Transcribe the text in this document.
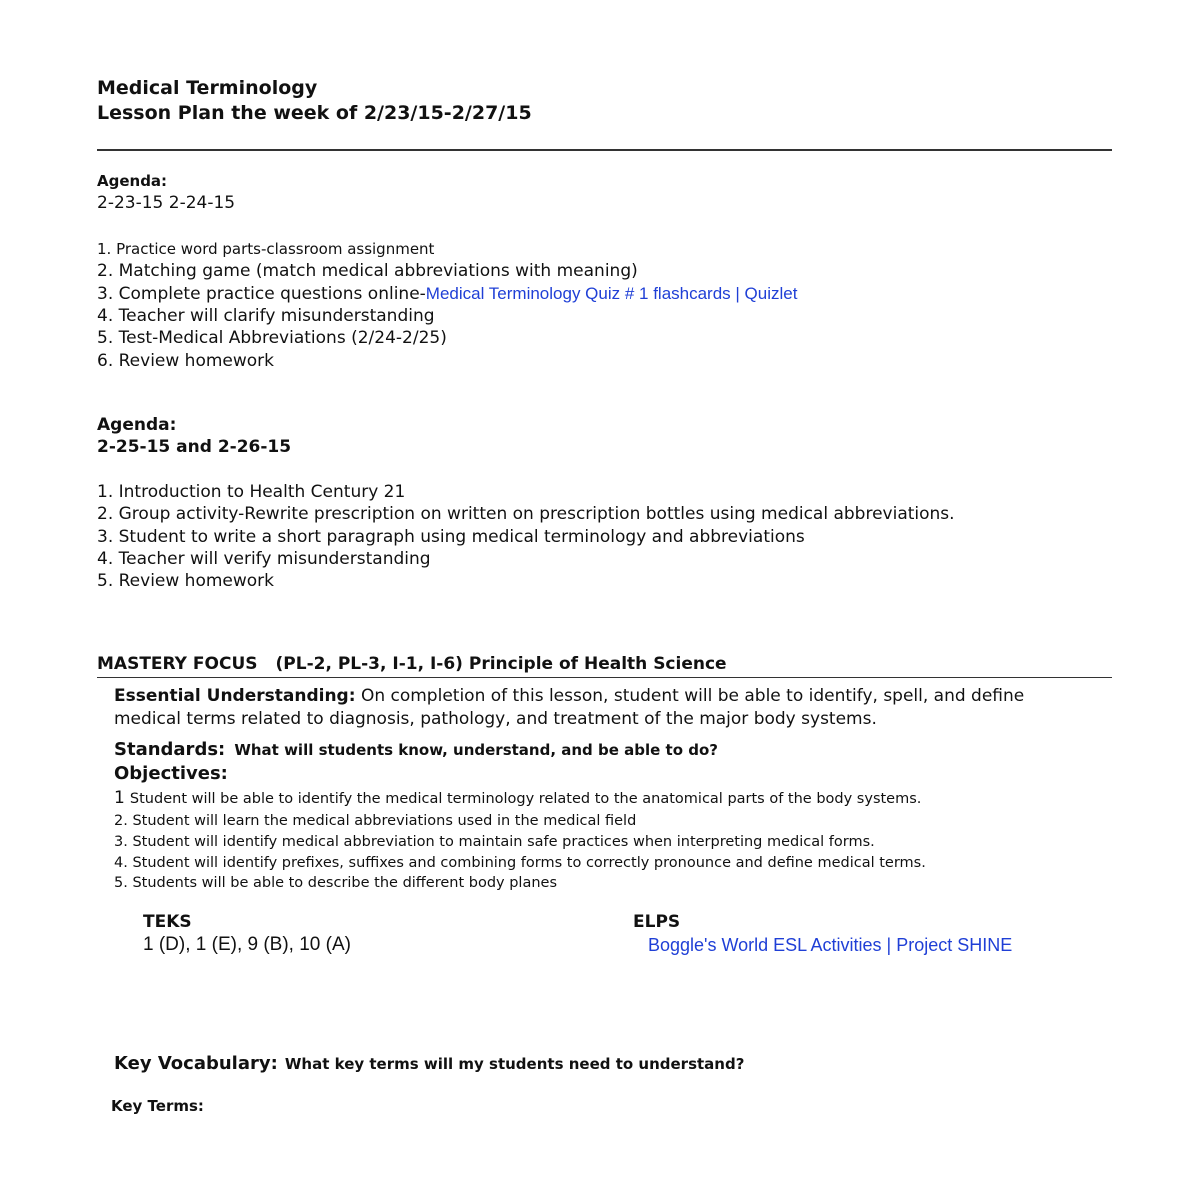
Medical Terminology
Lesson Plan the week of 2/23/15-2/27/15
Agenda:
2-23-15 2-24-15
1. Practice word parts-classroom assignment
2. Matching game (match medical abbreviations with meaning)
3. Complete practice questions online-Medical Terminology Quiz # 1 flashcards | Quizlet
4. Teacher will clarify misunderstanding
5. Test-Medical Abbreviations (2/24-2/25)
6. Review homework
Agenda:
2-25-15 and 2-26-15
1. Introduction to Health Century 21
2. Group activity-Rewrite prescription on written on prescription bottles using medical abbreviations.
3. Student to write a short paragraph using medical terminology and abbreviations
4. Teacher will verify misunderstanding
5. Review homework
MASTERY FOCUS (PL-2, PL-3, I-1, I-6) Principle of Health Science
Essential Understanding: On completion of this lesson, student will be able to identify, spell, and define
medical terms related to diagnosis, pathology, and treatment of the major body systems.
Standards: What will students know, understand, and be able to do?
Objectives:
1 Student will be able to identify the medical terminology related to the anatomical parts of the body systems.
2. Student will learn the medical abbreviations used in the medical field
3. Student will identify medical abbreviation to maintain safe practices when interpreting medical forms.
4. Student will identify prefixes, suffixes and combining forms to correctly pronounce and define medical terms.
5. Students will be able to describe the different body planes
TEKS
1 (D), 1 (E), 9 (B), 10 (A)
ELPS
Boggle's World ESL Activities | Project SHINE
Key Vocabulary: What key terms will my students need to understand?
Key Terms:
